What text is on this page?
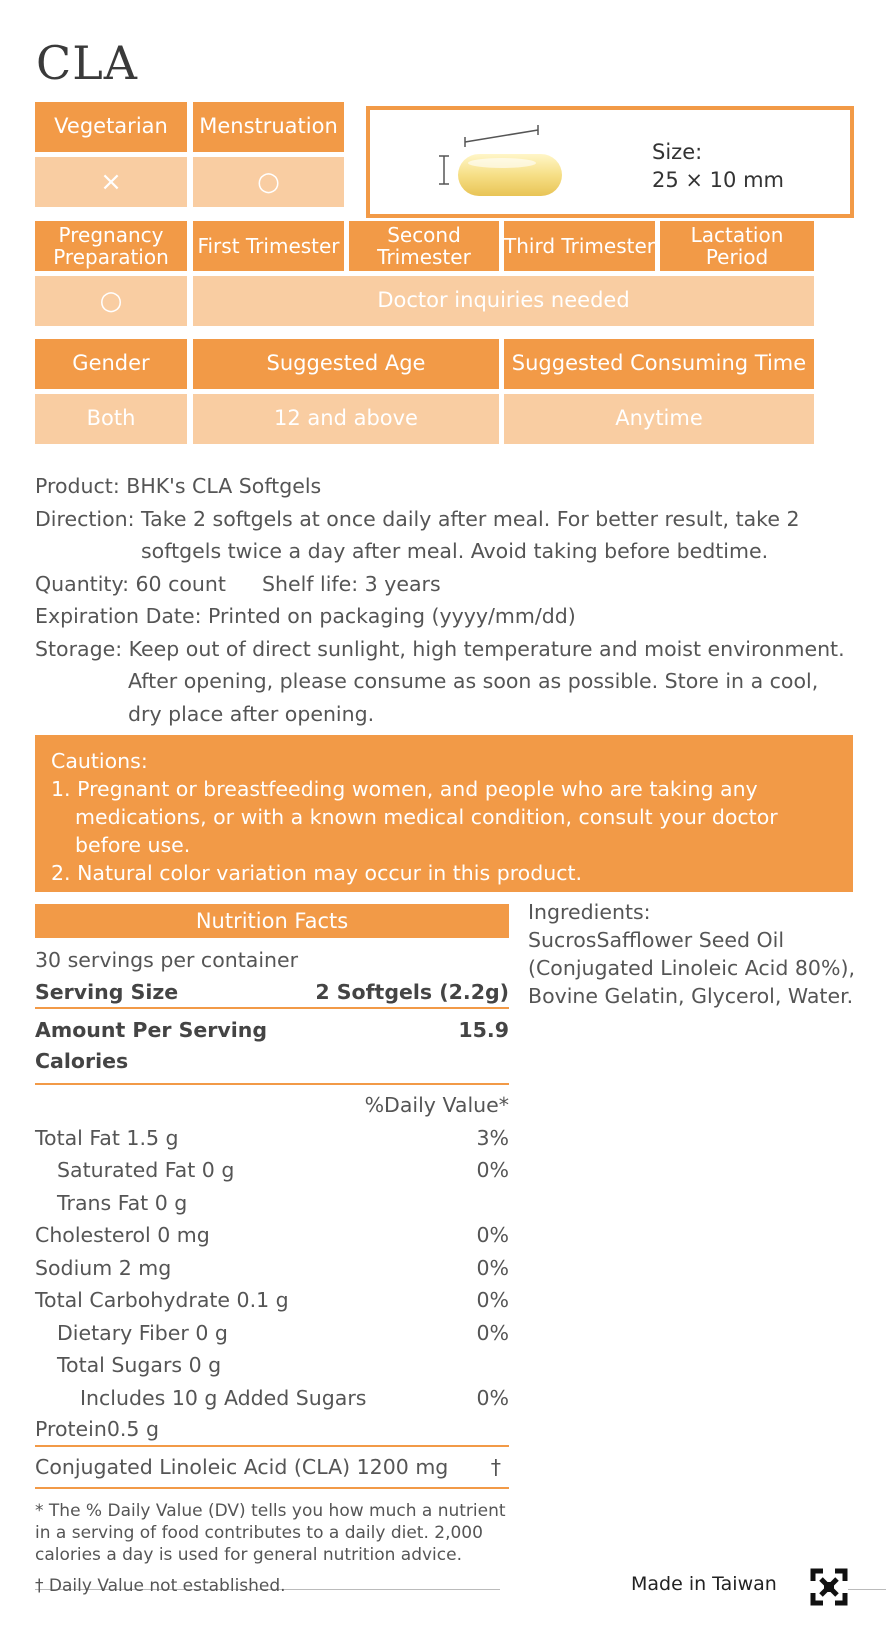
CLA
Vegetarian	Menstruation
×	○
Size:
25 × 10 mm
Pregnancy Preparation	First Trimester	Second Trimester	Third Trimester	Lactation Period
○	Doctor inquiries needed
Gender	Suggested Age	Suggested Consuming Time
Both	12 and above	Anytime
Product: BHK's CLA Softgels
Direction: Take 2 softgels at once daily after meal. For better result, take 2
softgels twice a day after meal. Avoid taking before bedtime.
Quantity: 60 count Shelf life: 3 years
Expiration Date: Printed on packaging (yyyy/mm/dd)
Storage: Keep out of direct sunlight, high temperature and moist environment.
After opening, please consume as soon as possible. Store in a cool,
dry place after opening.
Cautions:
1. Pregnant or breastfeeding women, and people who are taking any medications, or with a known medical condition, consult your doctor before use.
2. Natural color variation may occur in this product.
Nutrition Facts
30 servings per container
Serving Size	2 Softgels (2.2g)
Amount Per Serving	15.9
Calories
%Daily Value*
Total Fat 1.5 g	3%
Saturated Fat 0 g	0%
Trans Fat 0 g
Cholesterol 0 mg	0%
Sodium 2 mg	0%
Total Carbohydrate 0.1 g	0%
Dietary Fiber 0 g	0%
Total Sugars 0 g
Includes 10 g Added Sugars	0%
Protein0.5 g
Conjugated Linoleic Acid (CLA) 1200 mg †
* The % Daily Value (DV) tells you how much a nutrient in a serving of food contributes to a daily diet. 2,000 calories a day is used for general nutrition advice.
† Daily Value not established.
Ingredients:
SucrosSafflower Seed Oil (Conjugated Linoleic Acid 80%), Bovine Gelatin, Glycerol, Water.
Made in Taiwan
